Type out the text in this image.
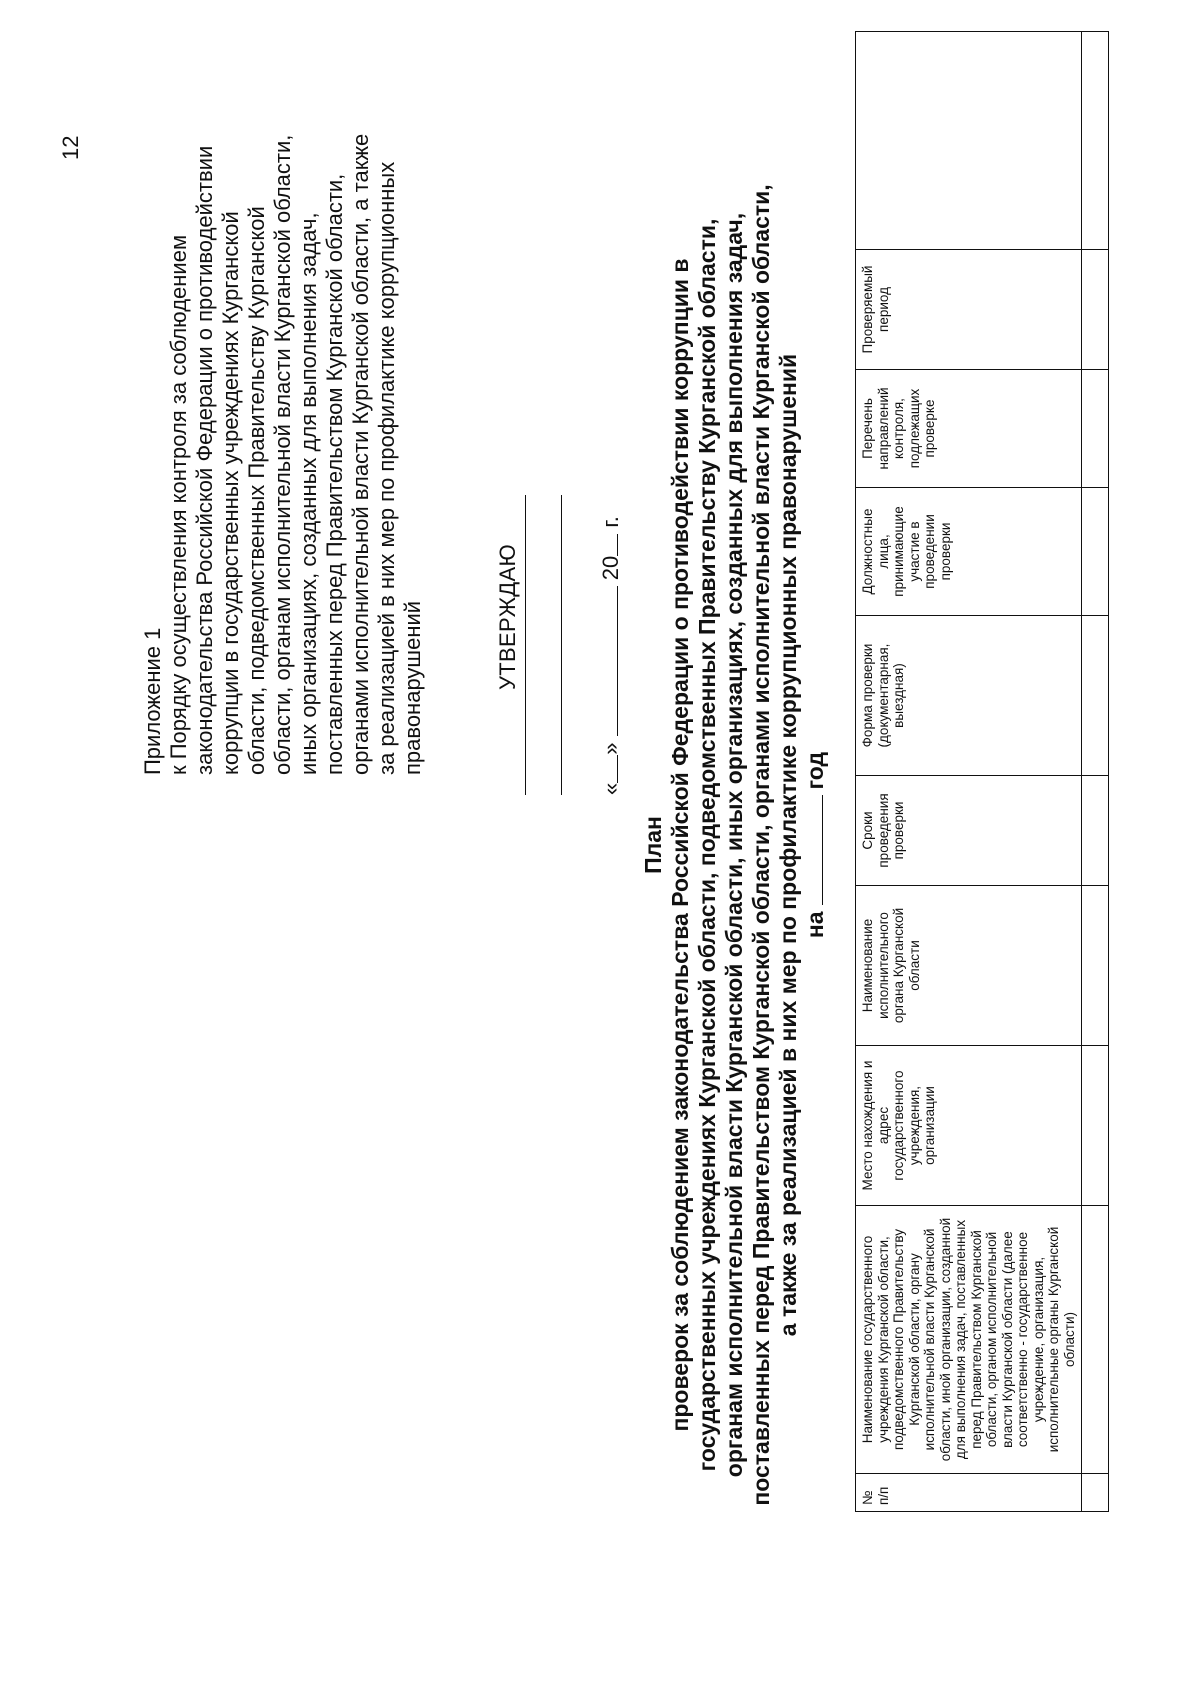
12
Приложение 1 к Порядку осуществления контроля за соблюдением законодательства Российской Федерации о противодействии коррупции в государственных учреждениях Курганской области, подведомственных Правительству Курганской области, органам исполнительной власти Курганской области, иных организациях, созданных для выполнения задач, поставленных перед Правительством Курганской области, органами исполнительной власти Курганской области, а также за реализацией в них мер по профилактике коррупционных правонарушений	УТВЕРЖДАЮ
«»  20 г.
План проверок за соблюдением законодательства Российской Федерации о противодействии коррупции в государственных учреждениях Курганской области, подведомственных Правительству Курганской области, органам исполнительной власти Курганской области, иных организациях, созданных для выполнения задач, поставленных перед Правительством Курганской области, органами исполнительной власти Курганской области, а также за реализацией в них мер по профилактике коррупционных правонарушений нагод
№ п/п	Наименование государственного учреждения Курганской области, подведомственного Правительству Курганской области, органу исполнительной власти Курганской области, иной организации, созданной для выполнения задач, поставленных перед Правительством Курганской области, органом исполнительной власти Курганской области (далее соответственно - государственное учреждение, организация, исполнительные органы Курганской области)	Место нахождения и адрес государственного учреждения, организации	Наименование исполнительного органа Курганской области	Сроки проведения проверки	Форма проверки (документарная, выездная)	Должностные лица, принимающие участие в проведении проверки	Перечень направлений контроля, подлежащих проверке	Проверяемый период	
